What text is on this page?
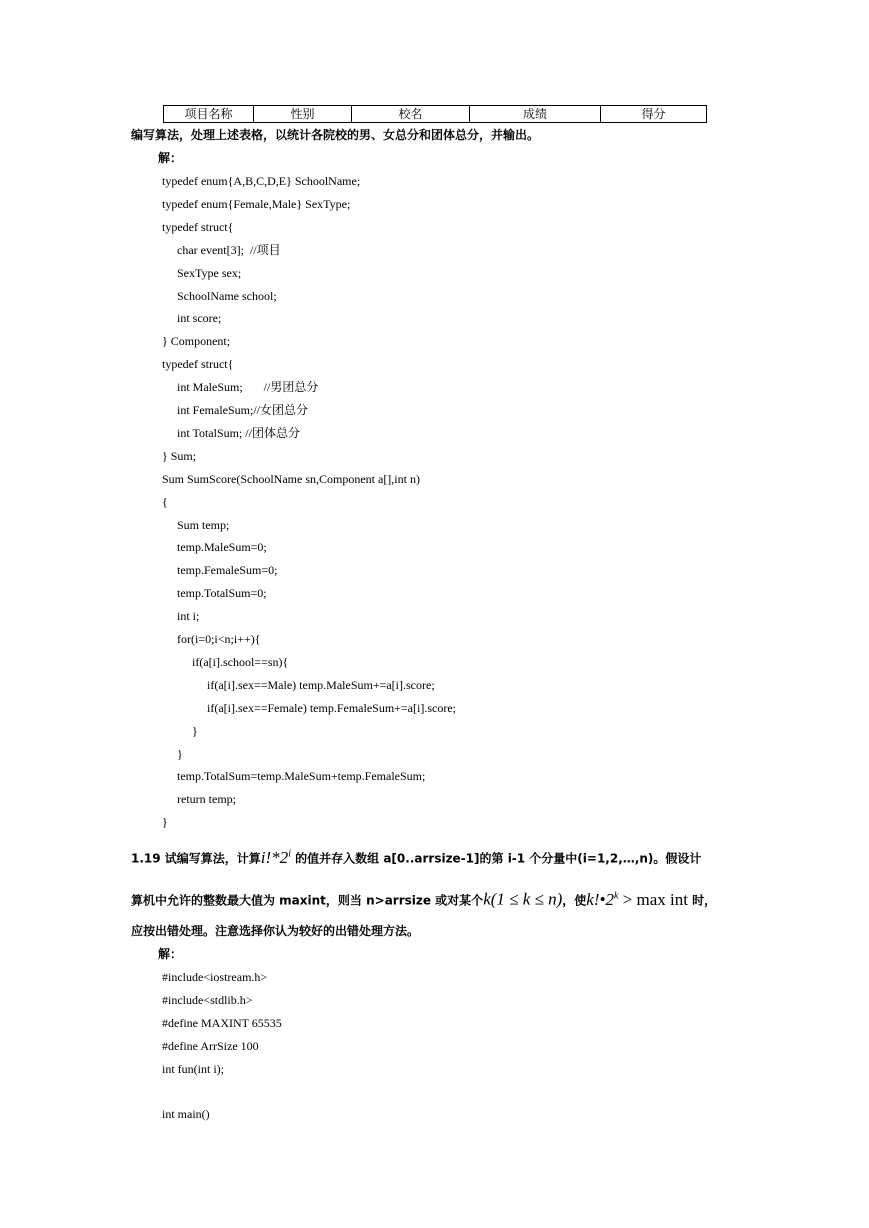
项目名称	性别	校名	成绩	得分
编写算法，处理上述表格，以统计各院校的男、女总分和团体总分，并输出。
解：
typedef enum{A,B,C,D,E} SchoolName;
typedef enum{Female,Male} SexType;
typedef struct{
char event[3];  //项目
SexType sex;
SchoolName school;
int score;
} Component;
typedef struct{
int MaleSum;       //男团总分
int FemaleSum;//女团总分
int TotalSum; //团体总分
} Sum;
Sum SumScore(SchoolName sn,Component a[],int n)
{
Sum temp;
temp.MaleSum=0;
temp.FemaleSum=0;
temp.TotalSum=0;
int i;
for(i=0;i<n;i++){
if(a[i].school==sn){
if(a[i].sex==Male) temp.MaleSum+=a[i].score;
if(a[i].sex==Female) temp.FemaleSum+=a[i].score;
}
}
temp.TotalSum=temp.MaleSum+temp.FemaleSum;
return temp;
}
1.19 试编写算法，计算i!*2$^i$ 的值并存入数组 a[0..arrsize-1]的第 i-1 个分量中(i=1,2,…,n)。假设计
算机中允许的整数最大值为 maxint，则当 n>arrsize 或对某个k(1 ≤ k ≤ n)，使$k!•2^k > \max$ int 时，
应按出错处理。注意选择你认为较好的出错处理方法。
解：
#include<iostream.h>
#include<stdlib.h>
#define MAXINT 65535
#define ArrSize 100
int fun(int i);
int main()
